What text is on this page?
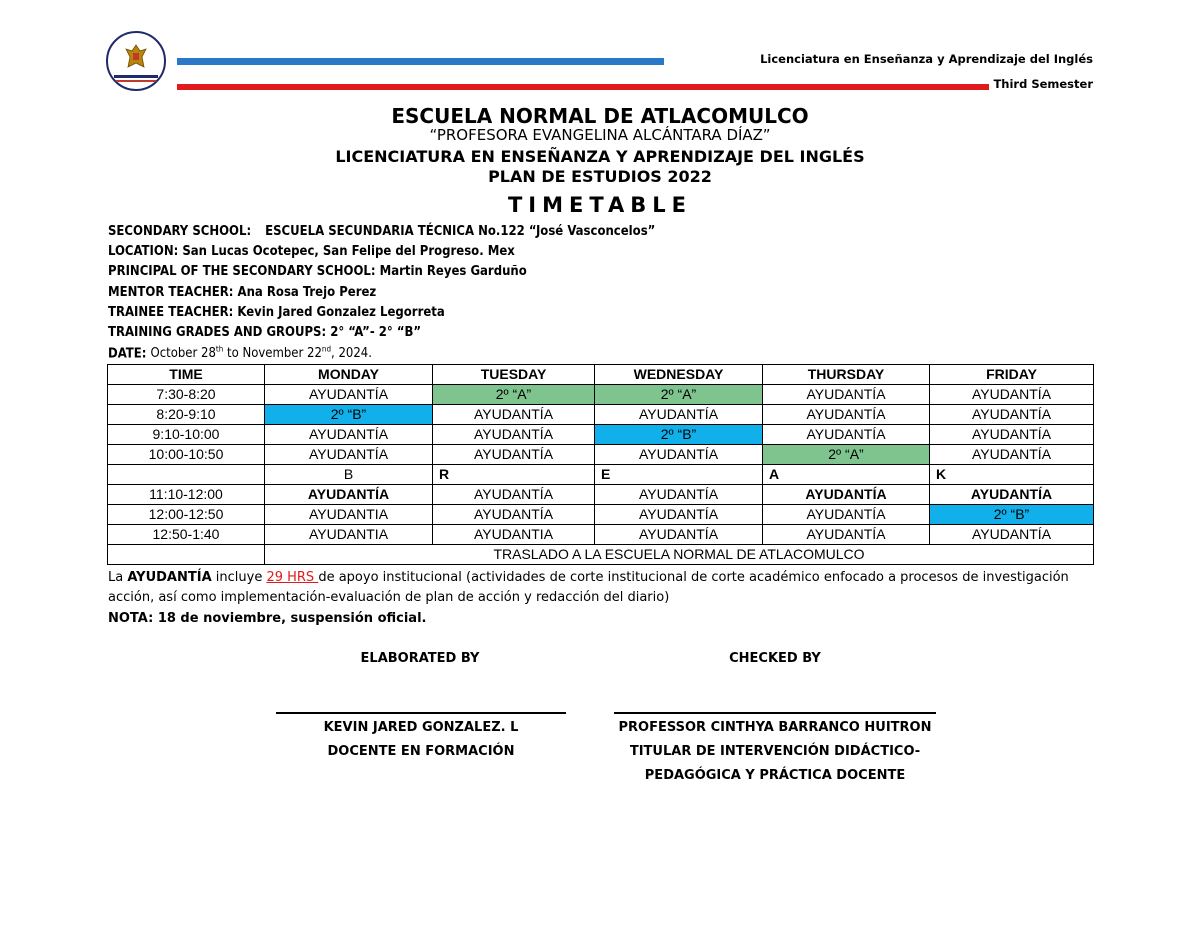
Licenciatura en Enseñanza y Aprendizaje del Inglés
Third Semester
ESCUELA NORMAL DE ATLACOMULCO
“PROFESORA EVANGELINA ALCÁNTARA DÍAZ”
LICENCIATURA EN ENSEÑANZA Y APRENDIZAJE DEL INGLÉS
PLAN DE ESTUDIOS 2022
TIMETABLE
SECONDARY SCHOOL: ESCUELA SECUNDARIA TÉCNICA No.122 “José Vasconcelos”
LOCATION: San Lucas Ocotepec, San Felipe del Progreso. Mex
PRINCIPAL OF THE SECONDARY SCHOOL: Martin Reyes Garduño
MENTOR TEACHER: Ana Rosa Trejo Perez
TRAINEE TEACHER: Kevin Jared Gonzalez Legorreta
TRAINING GRADES AND GROUPS: 2° “A”- 2° “B”
DATE: October 28th to November 22nd, 2024.
TIME	MONDAY	TUESDAY	WEDNESDAY	THURSDAY	FRIDAY
7:30-8:20	AYUDANTÍA	2º “A”	2º “A”	AYUDANTÍA	AYUDANTÍA
8:20-9:10	2º “B”	AYUDANTÍA	AYUDANTÍA	AYUDANTÍA	AYUDANTÍA
9:10-10:00	AYUDANTÍA	AYUDANTÍA	2º “B”	AYUDANTÍA	AYUDANTÍA
10:00-10:50	AYUDANTÍA	AYUDANTÍA	AYUDANTÍA	2º “A”	AYUDANTÍA
	B	R	E	A	K
11:10-12:00	AYUDANTÍA	AYUDANTÍA	AYUDANTÍA	AYUDANTÍA	AYUDANTÍA
12:00-12:50	AYUDANTIA	AYUDANTÍA	AYUDANTÍA	AYUDANTÍA	2º “B”
12:50-1:40	AYUDANTIA	AYUDANTIA	AYUDANTÍA	AYUDANTÍA	AYUDANTÍA
	TRASLADO A LA ESCUELA NORMAL DE ATLACOMULCO				
La AYUDANTÍA incluye 29 HRS de apoyo institucional (actividades de corte institucional de corte académico enfocado a procesos de investigación
acción, así como implementación-evaluación de plan de acción y redacción del diario)
NOTA: 18 de noviembre, suspensión oficial.
ELABORATED BY	CHECKED BY
KEVIN JARED GONZALEZ. L
DOCENTE EN FORMACIÓN
PROFESSOR CINTHYA BARRANCO HUITRON
TITULAR DE INTERVENCIÓN DIDÁCTICO-
PEDAGÓGICA Y PRÁCTICA DOCENTE
